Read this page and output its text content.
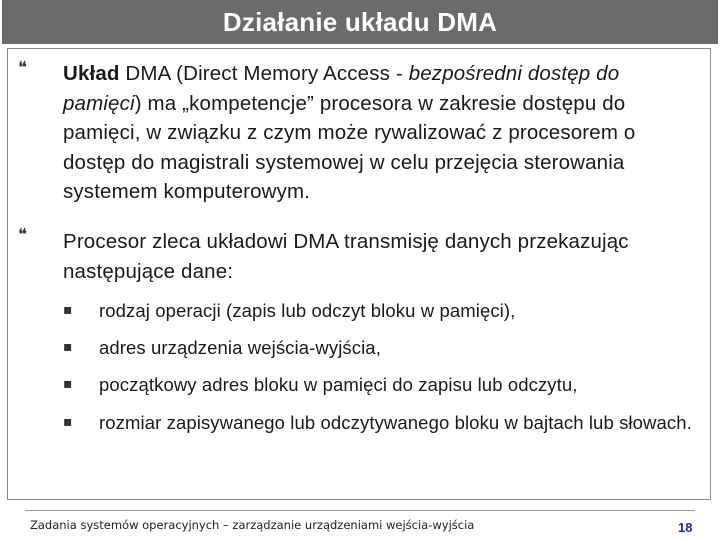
Działanie układu DMA
❝ Układ DMA (Direct Memory Access - bezpośredni dostęp do pamięci) ma „kompetencje” procesora w zakresie dostępu do pamięci, w związku z czym może rywalizować z procesorem o dostęp do magistrali systemowej w celu przejęcia sterowania systemem komputerowym.
❝ Procesor zleca układowi DMA transmisję danych przekazując następujące dane:
▪ rodzaj operacji (zapis lub odczyt bloku w pamięci),
▪ adres urządzenia wejścia-wyjścia,
▪ początkowy adres bloku w pamięci do zapisu lub odczytu,
▪ rozmiar zapisywanego lub odczytywanego bloku w bajtach lub słowach.
Zadania systemów operacyjnych – zarządzanie urządzeniami wejścia-wyjścia	18
